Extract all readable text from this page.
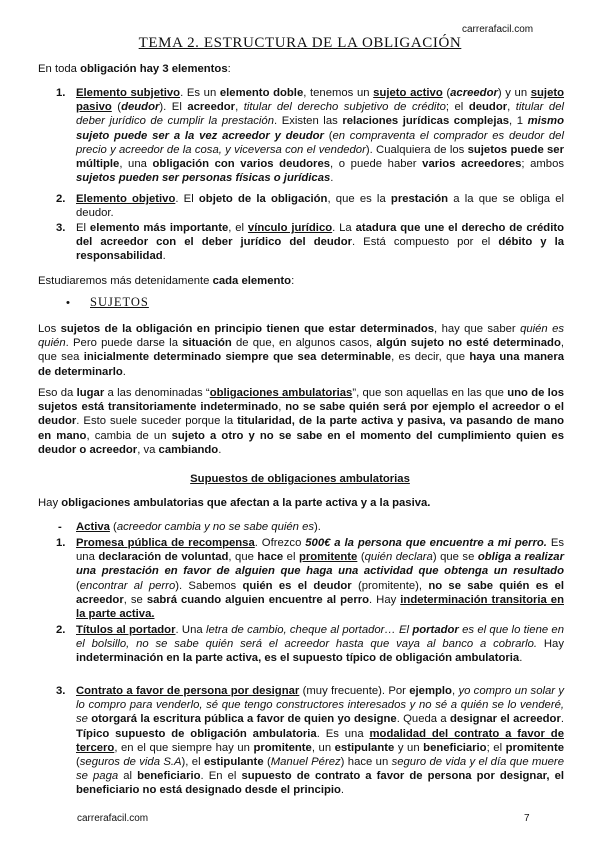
carrerafacil.com
TEMA 2. ESTRUCTURA DE LA OBLIGACIÓN
En toda obligación hay 3 elementos:
1. Elemento subjetivo. Es un elemento doble, tenemos un sujeto activo (acreedor) y un sujeto pasivo (deudor). El acreedor, titular del derecho subjetivo de crédito; el deudor, titular del deber jurídico de cumplir la prestación. Existen las relaciones jurídicas complejas, 1 mismo sujeto puede ser a la vez acreedor y deudor (en compraventa el comprador es deudor del precio y acreedor de la cosa, y viceversa con el vendedor). Cualquiera de los sujetos puede ser múltiple, una obligación con varios deudores, o puede haber varios acreedores; ambos sujetos pueden ser personas físicas o jurídicas.
2. Elemento objetivo. El objeto de la obligación, que es la prestación a la que se obliga el deudor.
3. El elemento más importante, el vínculo jurídico. La atadura que une el derecho de crédito del acreedor con el deber jurídico del deudor. Está compuesto por el débito y la responsabilidad.
Estudiaremos más detenidamente cada elemento:
• SUJETOS
Los sujetos de la obligación en principio tienen que estar determinados, hay que saber quién es quién. Pero puede darse la situación de que, en algunos casos, algún sujeto no esté determinado, que sea inicialmente determinado siempre que sea determinable, es decir, que haya una manera de determinarlo.
Eso da lugar a las denominadas “obligaciones ambulatorias”, que son aquellas en las que uno de los sujetos está transitoriamente indeterminado, no se sabe quién será por ejemplo el acreedor o el deudor. Esto suele suceder porque la titularidad, de la parte activa y pasiva, va pasando de mano en mano, cambia de un sujeto a otro y no se sabe en el momento del cumplimiento quien es deudor o acreedor, va cambiando.
Supuestos de obligaciones ambulatorias
Hay obligaciones ambulatorias que afectan a la parte activa y a la pasiva.
- Activa (acreedor cambia y no se sabe quién es).
1. Promesa pública de recompensa. Ofrezco 500€ a la persona que encuentre a mi perro. Es una declaración de voluntad, que hace el promitente (quién declara) que se obliga a realizar una prestación en favor de alguien que haga una actividad que obtenga un resultado (encontrar al perro). Sabemos quién es el deudor (promitente), no se sabe quién es el acreedor, se sabrá cuando alguien encuentre al perro. Hay indeterminación transitoria en la parte activa.
2. Títulos al portador. Una letra de cambio, cheque al portador… El portador es el que lo tiene en el bolsillo, no se sabe quién será el acreedor hasta que vaya al banco a cobrarlo. Hay indeterminación en la parte activa, es el supuesto típico de obligación ambulatoria.
3. Contrato a favor de persona por designar (muy frecuente). Por ejemplo, yo compro un solar y lo compro para venderlo, sé que tengo constructores interesados y no sé a quién se lo venderé, se otorgará la escritura pública a favor de quien yo designe. Queda a designar el acreedor. Típico supuesto de obligación ambulatoria. Es una modalidad del contrato a favor de tercero, en el que siempre hay un promitente, un estipulante y un beneficiario; el promitente (seguros de vida S.A), el estipulante (Manuel Pérez) hace un seguro de vida y el día que muere se paga al beneficiario. En el supuesto de contrato a favor de persona por designar, el beneficiario no está designado desde el principio.
carrerafacil.com	7
